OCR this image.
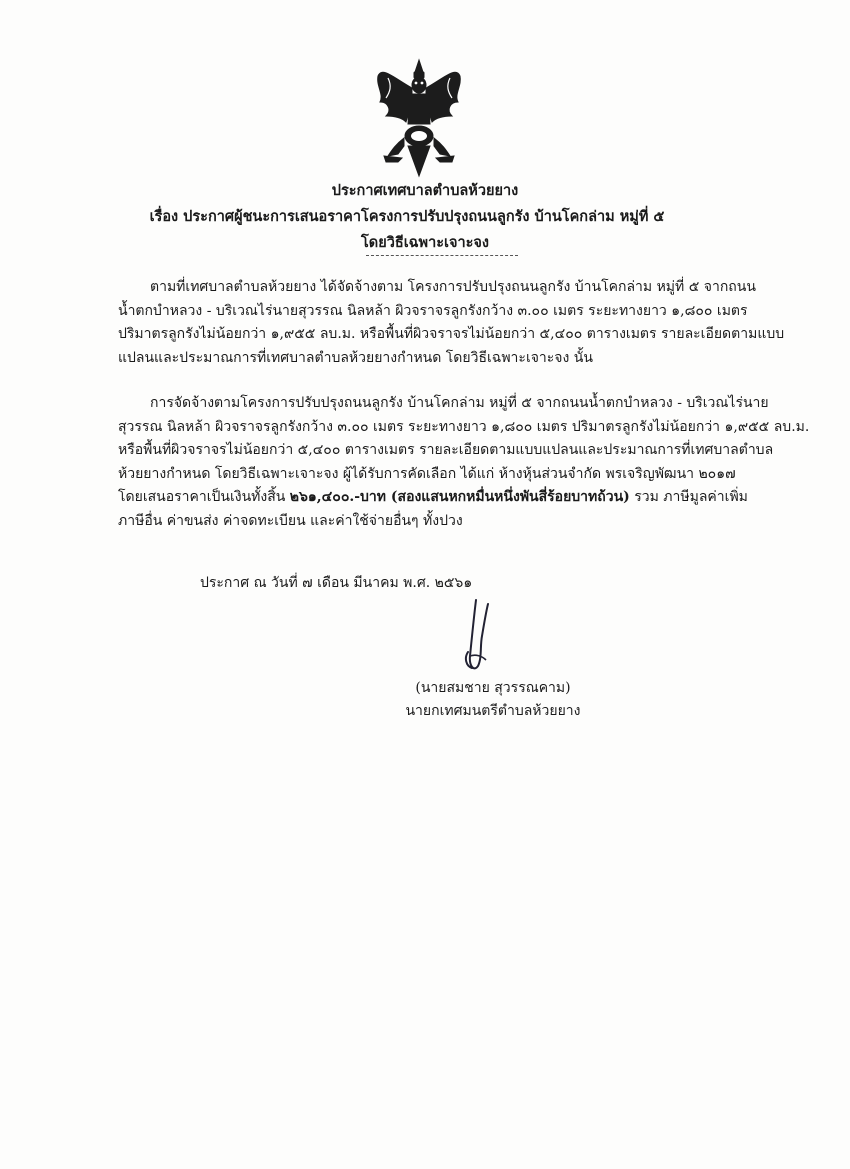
ประกาศเทศบาลตำบลห้วยยาง
เรื่อง ประกาศผู้ชนะการเสนอราคาโครงการปรับปรุงถนนลูกรัง บ้านโคกล่าม หมู่ที่ ๕
โดยวิธีเฉพาะเจาะจง
ตามที่เทศบาลตำบลห้วยยาง ได้จัดจ้างตาม โครงการปรับปรุงถนนลูกรัง บ้านโคกล่าม หมู่ที่ ๕ จากถนน
น้ำตกบำหลวง - บริเวณไร่นายสุวรรณ นิลหล้า ผิวจราจรลูกรังกว้าง ๓.๐๐ เมตร ระยะทางยาว ๑,๘๐๐ เมตร
ปริมาตรลูกรังไม่น้อยกว่า ๑,๙๕๕ ลบ.ม. หรือพื้นที่ผิวจราจรไม่น้อยกว่า ๕,๔๐๐ ตารางเมตร รายละเอียดตามแบบ
แปลนและประมาณการที่เทศบาลตำบลห้วยยางกำหนด โดยวิธีเฉพาะเจาะจง นั้น
การจัดจ้างตามโครงการปรับปรุงถนนลูกรัง บ้านโคกล่าม หมู่ที่ ๕ จากถนนน้ำตกบำหลวง - บริเวณไร่นาย
สุวรรณ นิลหล้า ผิวจราจรลูกรังกว้าง ๓.๐๐ เมตร ระยะทางยาว ๑,๘๐๐ เมตร ปริมาตรลูกรังไม่น้อยกว่า ๑,๙๕๕ ลบ.ม.
หรือพื้นที่ผิวจราจรไม่น้อยกว่า ๕,๔๐๐ ตารางเมตร รายละเอียดตามแบบแปลนและประมาณการที่เทศบาลตำบล
ห้วยยางกำหนด โดยวิธีเฉพาะเจาะจง ผู้ได้รับการคัดเลือก ได้แก่ ห้างหุ้นส่วนจำกัด พรเจริญพัฒนา ๒๐๑๗
โดยเสนอราคาเป็นเงินทั้งสิ้น ๒๖๑,๔๐๐.-บาท (สองแสนหกหมื่นหนึ่งพันสี่ร้อยบาทถ้วน) รวม ภาษีมูลค่าเพิ่ม
ภาษีอื่น ค่าขนส่ง ค่าจดทะเบียน และค่าใช้จ่ายอื่นๆ ทั้งปวง
ประกาศ ณ วันที่ ๗ เดือน มีนาคม พ.ศ. ๒๕๖๑
(นายสมชาย สุวรรณคาม)
นายกเทศมนตรีตำบลห้วยยาง
